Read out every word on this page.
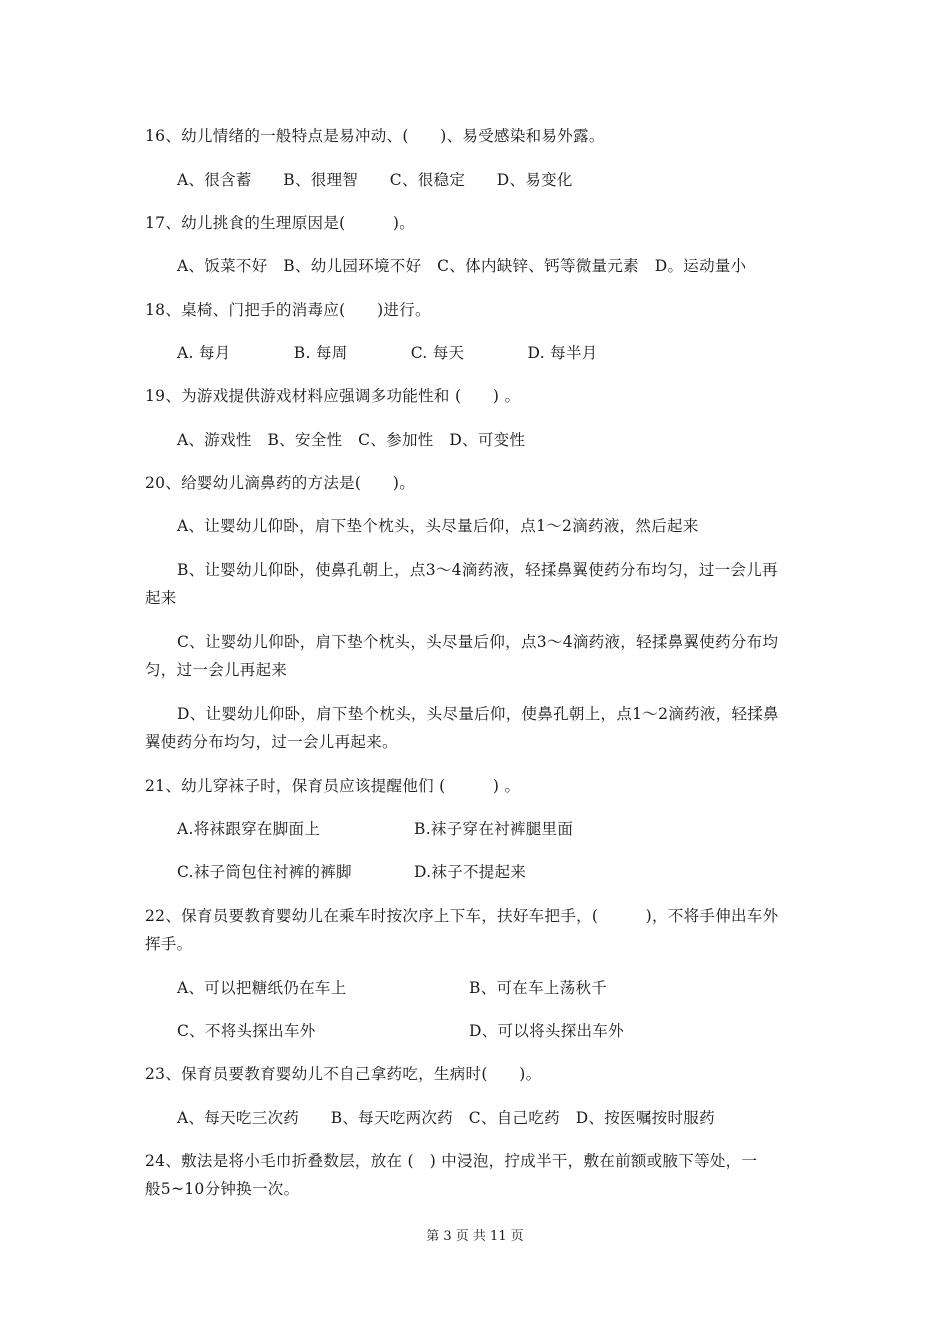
16、幼儿情绪的一般特点是易冲动、(　　)、易受感染和易外露。
A、很含蓄　　B、很理智　　C、很稳定　　D、易变化
17、幼儿挑食的生理原因是(　　　)。
A、饭菜不好　B、幼儿园环境不好　C、体内缺锌、钙等微量元素　D。运动量小
18、桌椅、门把手的消毒应(　　)进行。
A. 每月　　　　B. 每周　　　　C. 每天　　　　D. 每半月
19、为游戏提供游戏材料应强调多功能性和 (　　) 。
A、游戏性　B、安全性　C、参加性　D、可变性
20、给婴幼儿滴鼻药的方法是(　　)。
A、让婴幼儿仰卧，肩下垫个枕头，头尽量后仰，点1～2滴药液，然后起来
B、让婴幼儿仰卧，使鼻孔朝上，点3～4滴药液，轻揉鼻翼使药分布均匀，过一会儿再
起来
C、让婴幼儿仰卧，肩下垫个枕头，头尽量后仰，点3～4滴药液，轻揉鼻翼使药分布均
匀，过一会儿再起来
D、让婴幼儿仰卧，肩下垫个枕头，头尽量后仰，使鼻孔朝上，点1～2滴药液，轻揉鼻
翼使药分布均匀，过一会儿再起来。
21、幼儿穿袜子时，保育员应该提醒他们 (　　　) 。
A.将袜跟穿在脚面上	B.袜子穿在衬裤腿里面
C.袜子筒包住衬裤的裤脚	D.袜子不提起来
22、保育员要教育婴幼儿在乘车时按次序上下车，扶好车把手，(　　　)，不将手伸出车外
挥手。
A、可以把糖纸仍在车上	B、可在车上荡秋千
C、不将头探出车外	D、可以将头探出车外
23、保育员要教育婴幼儿不自己拿药吃，生病时(　　)。
A、每天吃三次药　　B、每天吃两次药　C、自己吃药　D、按医嘱按时服药
24、敷法是将小毛巾折叠数层，放在 (　) 中浸泡，拧成半干，敷在前额或腋下等处，一
般5~10分钟换一次。
第 3 页 共 11 页
